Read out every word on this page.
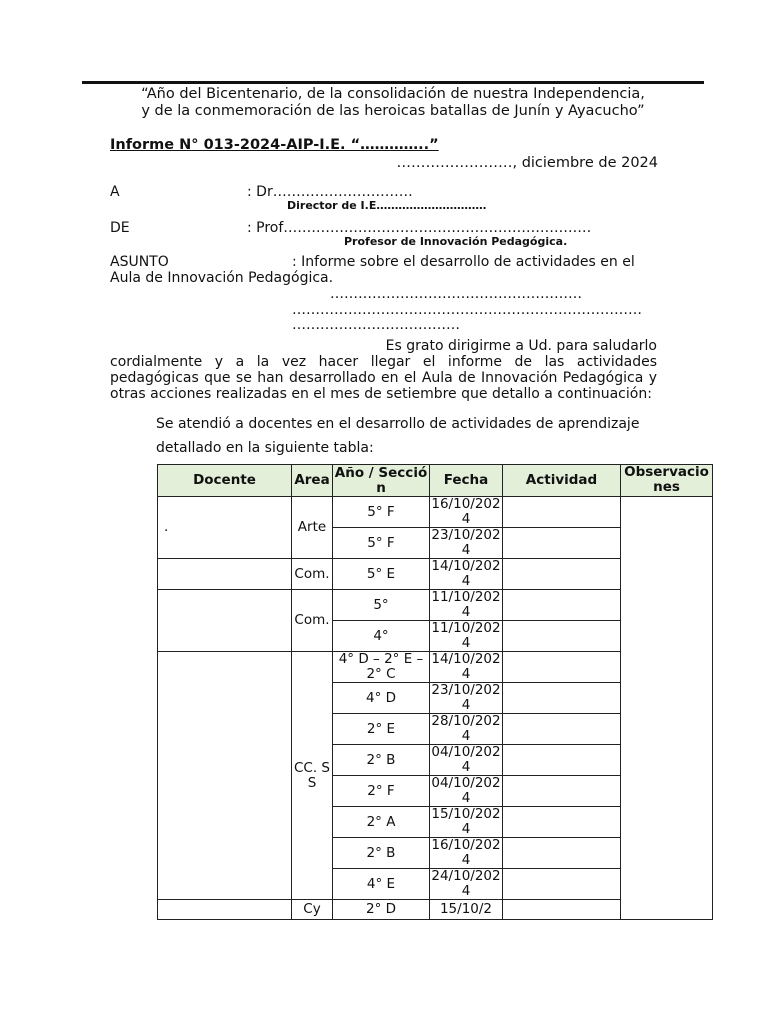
“Año del Bicentenario, de la consolidación de nuestra Independencia,
y de la conmemoración de las heroicas batallas de Junín y Ayacucho”
Informe N° 013-2024-AIP-I.E. “…………..”
……………………, diciembre de 2024
A	: Dr…………………………
Director de I.E…………………………
DE	: Prof…………………………………………………………
Profesor de Innovación Pedagógica.
ASUNTO	: Informe sobre el desarrollo de actividades en el
Aula de Innovación Pedagógica.
………………………………………………
…………………………………………………………………
………………………………
Es grato dirigirme a Ud. para saludarlo
cordialmente y a la vez hacer llegar el informe de las actividades pedagógicas que se han desarrollado en el Aula de Innovación Pedagógica y otras acciones realizadas en el mes de setiembre que detallo a continuación:
Se atendió a docentes en el desarrollo de actividades de aprendizaje
detallado en la siguiente tabla:
Docente	Area	Año / Sección	Fecha	Actividad	Observaciones
.	Arte	5° F	16/10/2024		
		5° F	23/10/2024		
	Com.	5° E	14/10/2024		
	Com.	5°	11/10/2024		
		4°	11/10/2024		
	CC. SS	4° D – 2° E – 2° C	14/10/2024		
		4° D	23/10/2024		
		2° E	28/10/2024		
		2° B	04/10/2024		
		2° F	04/10/2024		
		2° A	15/10/2024		
		2° B	16/10/2024		
		4° E	24/10/2024		
	Cy	2° D	15/10/2		
